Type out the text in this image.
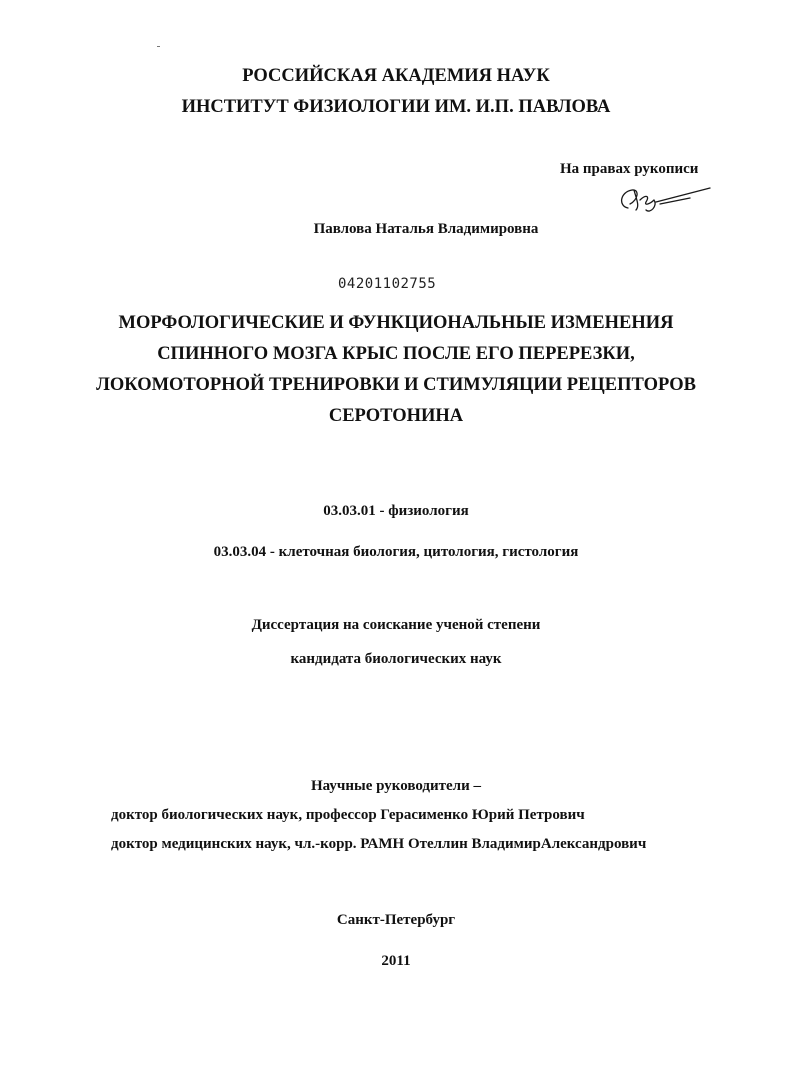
РОССИЙСКАЯ АКАДЕМИЯ НАУК

ИНСТИТУТ ФИЗИОЛОГИИ ИМ. И.П. ПАВЛОВА

На правах рукописи

Павлова Наталья Владимировна

04201102755

МОРФОЛОГИЧЕСКИЕ И ФУНКЦИОНАЛЬНЫЕ ИЗМЕНЕНИЯ

СПИННОГО МОЗГА КРЫС ПОСЛЕ ЕГО ПЕРЕРЕЗКИ,

ЛОКОМОТОРНОЙ ТРЕНИРОВКИ И СТИМУЛЯЦИИ РЕЦЕПТОРОВ

СЕРОТОНИНА

03.03.01 - физиология

03.03.04 - клеточная биология, цитология, гистология

Диссертация на соискание ученой степени

кандидата биологических наук

Научные руководители –

доктор биологических наук, профессор Герасименко Юрий Петрович

доктор медицинских наук, чл.-корр. РАМН Отеллин ВладимирАлександрович

Санкт-Петербург

2011
